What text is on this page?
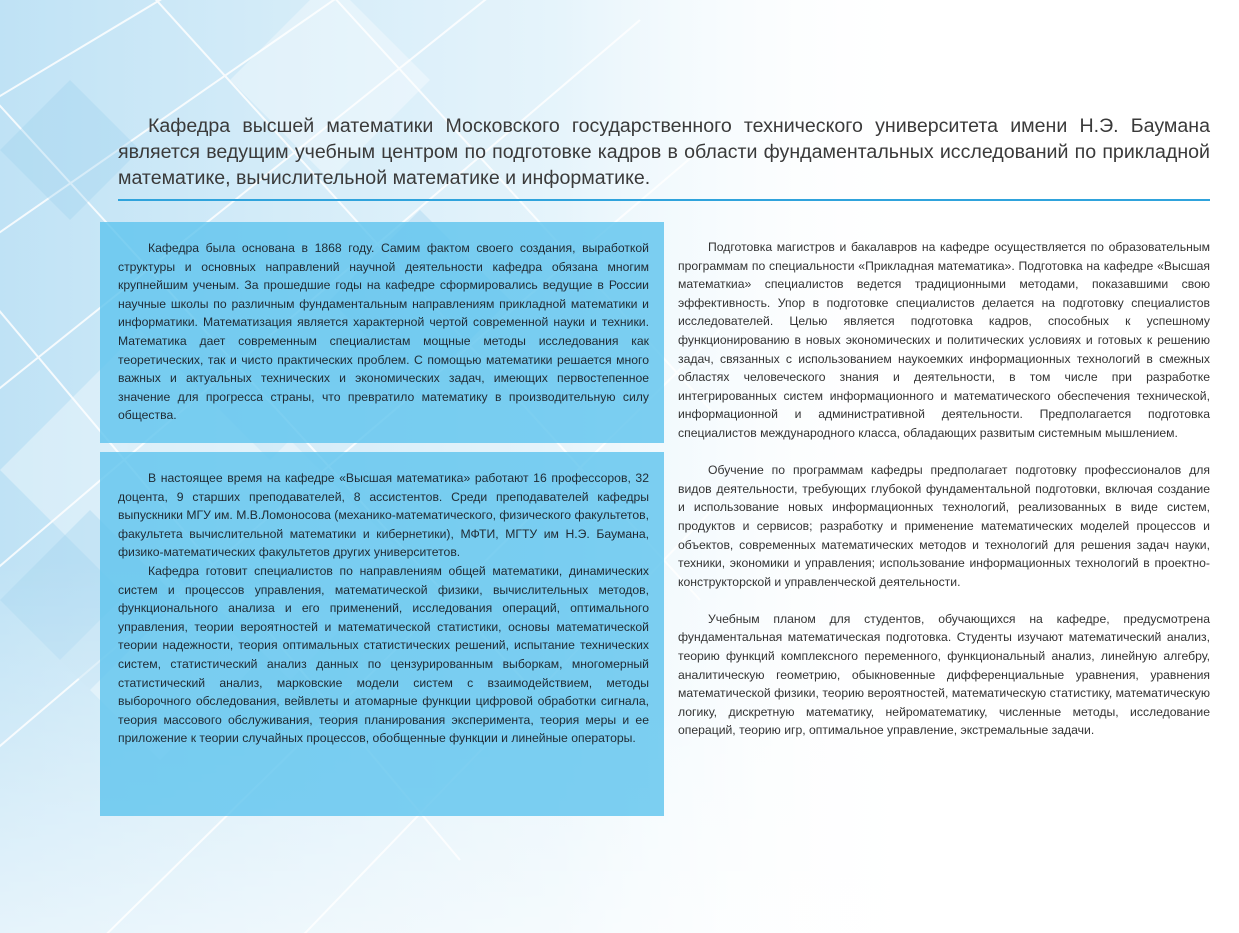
Кафедра высшей математики Московского государственного технического университета имени Н.Э. Баумана является ведущим учебным центром по подготовке кадров в области фундаментальных исследований по прикладной математике, вычислительной математике и информатике.

Кафедра была основана в 1868 году. Самим фактом своего создания, выработкой структуры и основных направлений научной деятельности кафедра обязана многим крупнейшим ученым. За прошедшие годы на кафедре сформировались ведущие в России научные школы по различным фундаментальным направлениям прикладной математики и информатики. Математизация является характерной чертой современной науки и техники. Математика дает современным специалистам мощные методы исследования как теоретических, так и чисто практических проблем. С помощью математики решается много важных и актуальных технических и экономических задач, имеющих первостепенное значение для прогресса страны, что превратило математику в производительную силу общества.

В настоящее время на кафедре «Высшая математика» работают 16 профессоров, 32 доцента, 9 старших преподавателей, 8 ассистентов. Среди преподавателей кафедры выпускники МГУ им. М.В.Ломоносова (механико-математического, физического факультетов, факультета вычислительной математики и кибернетики), МФТИ, МГТУ им Н.Э. Баумана, физико-математических факультетов других университетов.

Кафедра готовит специалистов по направлениям общей математики, динамических систем и процессов управления, математической физики, вычислительных методов, функционального анализа и его применений, исследования операций, оптимального управления, теории вероятностей и математической статистики, основы математической теории надежности, теория оптимальных статистических решений, испытание технических систем, статистический анализ данных по цензурированным выборкам, многомерный статистический анализ, марковские модели систем с взаимодействием, методы выборочного обследования, вейвлеты и атомарные функции цифровой обработки сигнала, теория массового обслуживания, теория планирования эксперимента, теория меры и ее приложение к теории случайных процессов, обобщенные функции и линейные операторы.

Подготовка магистров и бакалавров на кафедре осуществляется по образовательным программам по специальности «Прикладная математика». Подготовка на кафедре «Высшая математкиа» специалистов ведется традиционными методами, показавшими свою эффективность. Упор в подготовке специалистов делается на подготовку специалистов исследователей. Целью является подготовка кадров, способных к успешному функционированию в новых экономических и политических условиях и готовых к решению задач, связанных с использованием наукоемких информационных технологий в смежных областях человеческого знания и деятельности, в том числе при разработке интегрированных систем информационного и математического обеспечения технической, информационной и административной деятельности. Предполагается подготовка специалистов международного класса, обладающих развитым системным мышлением.

Обучение по программам кафедры предполагает подготовку профессионалов для видов деятельности, требующих глубокой фундаментальной подготовки, включая создание и использование новых информационных технологий, реализованных в виде систем, продуктов и сервисов; разработку и применение математических моделей процессов и объектов, современных математических методов и технологий для решения задач науки, техники, экономики и управления; использование информационных технологий в проектно-конструкторской и управленческой деятельности.

Учебным планом для студентов, обучающихся на кафедре, предусмотрена фундаментальная математическая подготовка. Студенты изучают математический анализ, теорию функций комплексного переменного, функциональный анализ, линейную алгебру, аналитическую геометрию, обыкновенные дифференциальные уравнения, уравнения математической физики, теорию вероятностей, математическую статистику, математическую логику, дискретную математику, нейроматематику, численные методы, исследование операций, теорию игр, оптимальное управление, экстремальные задачи.
